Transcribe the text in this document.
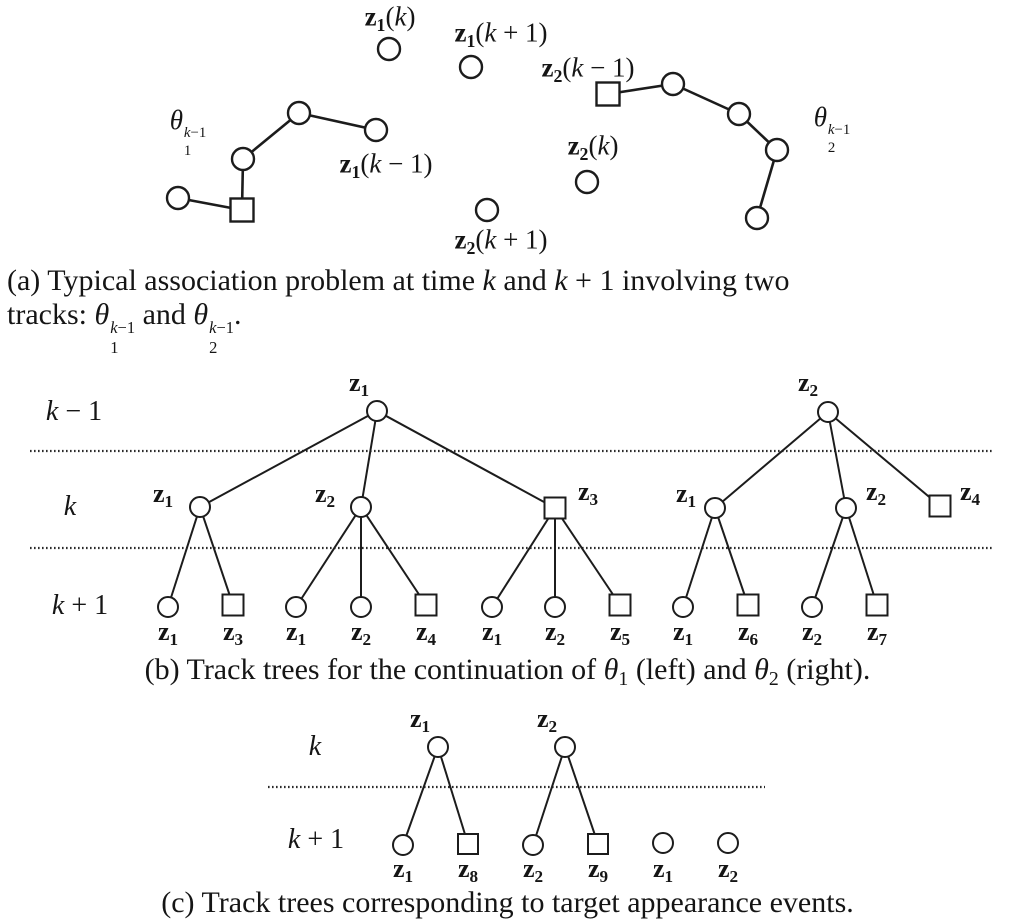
$z_1(k)$
$z_1(k + 1)$
$z_2(k - 1)$
θ k−1
1	$z_1(k - 1)$
$z_2(k)$
θ k−1
2
$z_2(k + 1)$
k − 1
k
k + 1
$z_1$
$z_1$	$z_2$	$z_3$
$z_1$ $z_3$ $z_1$ $z_2$ $z_4$ $z_1$ $z_2$ $z_5$
$z_2$
$z_1$	$z_2$	$z_4$
$z_1$ $z_6$ $z_2$ $z_7$
k
k + 1
$z_1$	$z_2$
$z_1$ $z_8$ $z_2$ $z_9$ $z_1$ $z_2$
(a) Typical association problem at time k and k + 1 involving two
tracks: θ k−1
1
and θ k−1
2
.
(b) Track trees for the continuation of $\theta_1$ (left) and $\theta_2$ (right).
(c) Track trees corresponding to target appearance events.
